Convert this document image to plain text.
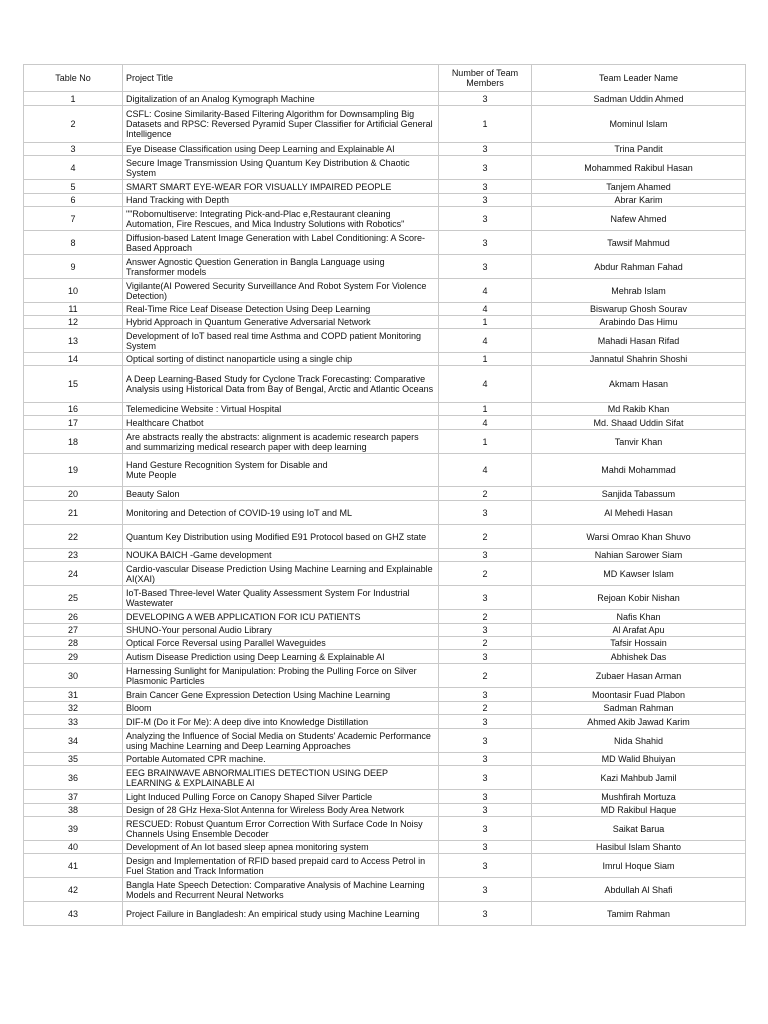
Table No	Project Title	Number of Team Members	Team Leader Name
1	Digitalization of an Analog Kymograph Machine	3	Sadman Uddin Ahmed
2	CSFL: Cosine Similarity-Based Filtering Algorithm for Downsampling Big Datasets and RPSC: Reversed Pyramid Super Classifier for Artificial General Intelligence	1	Mominul Islam
3	Eye Disease Classification using Deep Learning and Explainable AI	3	Trina Pandit
4	Secure Image Transmission Using Quantum Key Distribution & Chaotic System	3	Mohammed Rakibul Hasan
5	SMART SMART EYE-WEAR FOR VISUALLY IMPAIRED PEOPLE	3	Tanjem Ahamed
6	Hand Tracking with Depth	3	Abrar Karim
7	""Robomultiserve: Integrating Pick-and-Plac e,Restaurant cleaning Automation, Fire Rescues, and Mica Industry Solutions with Robotics"	3	Nafew Ahmed
8	Diffusion-based Latent Image Generation with Label Conditioning: A Score-Based Approach	3	Tawsif Mahmud
9	Answer Agnostic Question Generation in Bangla Language using Transformer models	3	Abdur Rahman Fahad
10	Vigilante(AI Powered Security Surveillance And Robot System For Violence Detection)	4	Mehrab Islam
11	Real-Time Rice Leaf Disease Detection Using Deep Learning	4	Biswarup Ghosh Sourav
12	Hybrid Approach in Quantum Generative Adversarial Network	1	Arabindo Das Himu
13	Development of IoT based real time Asthma and COPD patient Monitoring System	4	Mahadi Hasan Rifad
14	Optical sorting of distinct nanoparticle using a single chip	1	Jannatul Shahrin Shoshi
15	A Deep Learning-Based Study for Cyclone Track Forecasting: Comparative Analysis using Historical Data from Bay of Bengal, Arctic and Atlantic Oceans	4	Akmam Hasan
16	Telemedicine Website : Virtual Hospital	1	Md Rakib Khan
17	Healthcare Chatbot	4	Md. Shaad Uddin Sifat
18	Are abstracts really the abstracts: alignment is academic research papers and summarizing medical research paper with deep learning	1	Tanvir Khan
19	Hand Gesture Recognition System for Disable and
Mute People	4	Mahdi Mohammad
20	Beauty Salon	2	Sanjida Tabassum
21	Monitoring and Detection of COVID-19 using IoT and ML	3	Al Mehedi Hasan
22	Quantum Key Distribution using Modified E91 Protocol based on GHZ state	2	Warsi Omrao Khan Shuvo
23	NOUKA BAICH -Game development	3	Nahian Sarower Siam
24	Cardio-vascular Disease Prediction Using Machine Learning and Explainable AI(XAI)	2	MD Kawser Islam
25	IoT-Based Three-level Water Quality Assessment System For Industrial Wastewater	3	Rejoan Kobir Nishan
26	DEVELOPING A WEB APPLICATION FOR ICU PATIENTS	2	Nafis Khan
27	SHUNO-Your personal Audio Library	3	Al Arafat Apu
28	Optical Force Reversal using Parallel Waveguides	2	Tafsir Hossain
29	Autism Disease Prediction using Deep Learning & Explainable AI	3	Abhishek Das
30	Harnessing Sunlight for Manipulation: Probing the Pulling Force on Silver Plasmonic Particles	2	Zubaer Hasan Arman
31	Brain Cancer Gene Expression Detection Using Machine Learning	3	Moontasir Fuad Plabon
32	Bloom	2	Sadman Rahman
33	DIF-M (Do it For Me): A deep dive into Knowledge Distillation	3	Ahmed Akib Jawad Karim
34	Analyzing the Influence of Social Media on Students' Academic Performance using Machine Learning and Deep Learning Approaches	3	Nida Shahid
35	Portable Automated CPR machine.	3	MD Walid Bhuiyan
36	EEG BRAINWAVE ABNORMALITIES DETECTION USING DEEP LEARNING & EXPLAINABLE AI	3	Kazi Mahbub Jamil
37	Light Induced Pulling Force on Canopy Shaped Silver Particle	3	Mushfirah Mortuza
38	Design of 28 GHz Hexa-Slot Antenna for Wireless Body Area Network	3	MD Rakibul Haque
39	RESCUED: Robust Quantum Error Correction With Surface Code In Noisy Channels Using Ensemble Decoder	3	Saikat Barua
40	Development of An Iot based sleep apnea monitoring system	3	Hasibul Islam Shanto
41	Design and Implementation of RFID based prepaid card to Access Petrol in Fuel Station and Track Information	3	Imrul Hoque Siam
42	Bangla Hate Speech Detection: Comparative Analysis of Machine Learning Models and Recurrent Neural Networks	3	Abdullah Al Shafi
43	Project Failure in Bangladesh: An empirical study using Machine Learning	3	Tamim Rahman
